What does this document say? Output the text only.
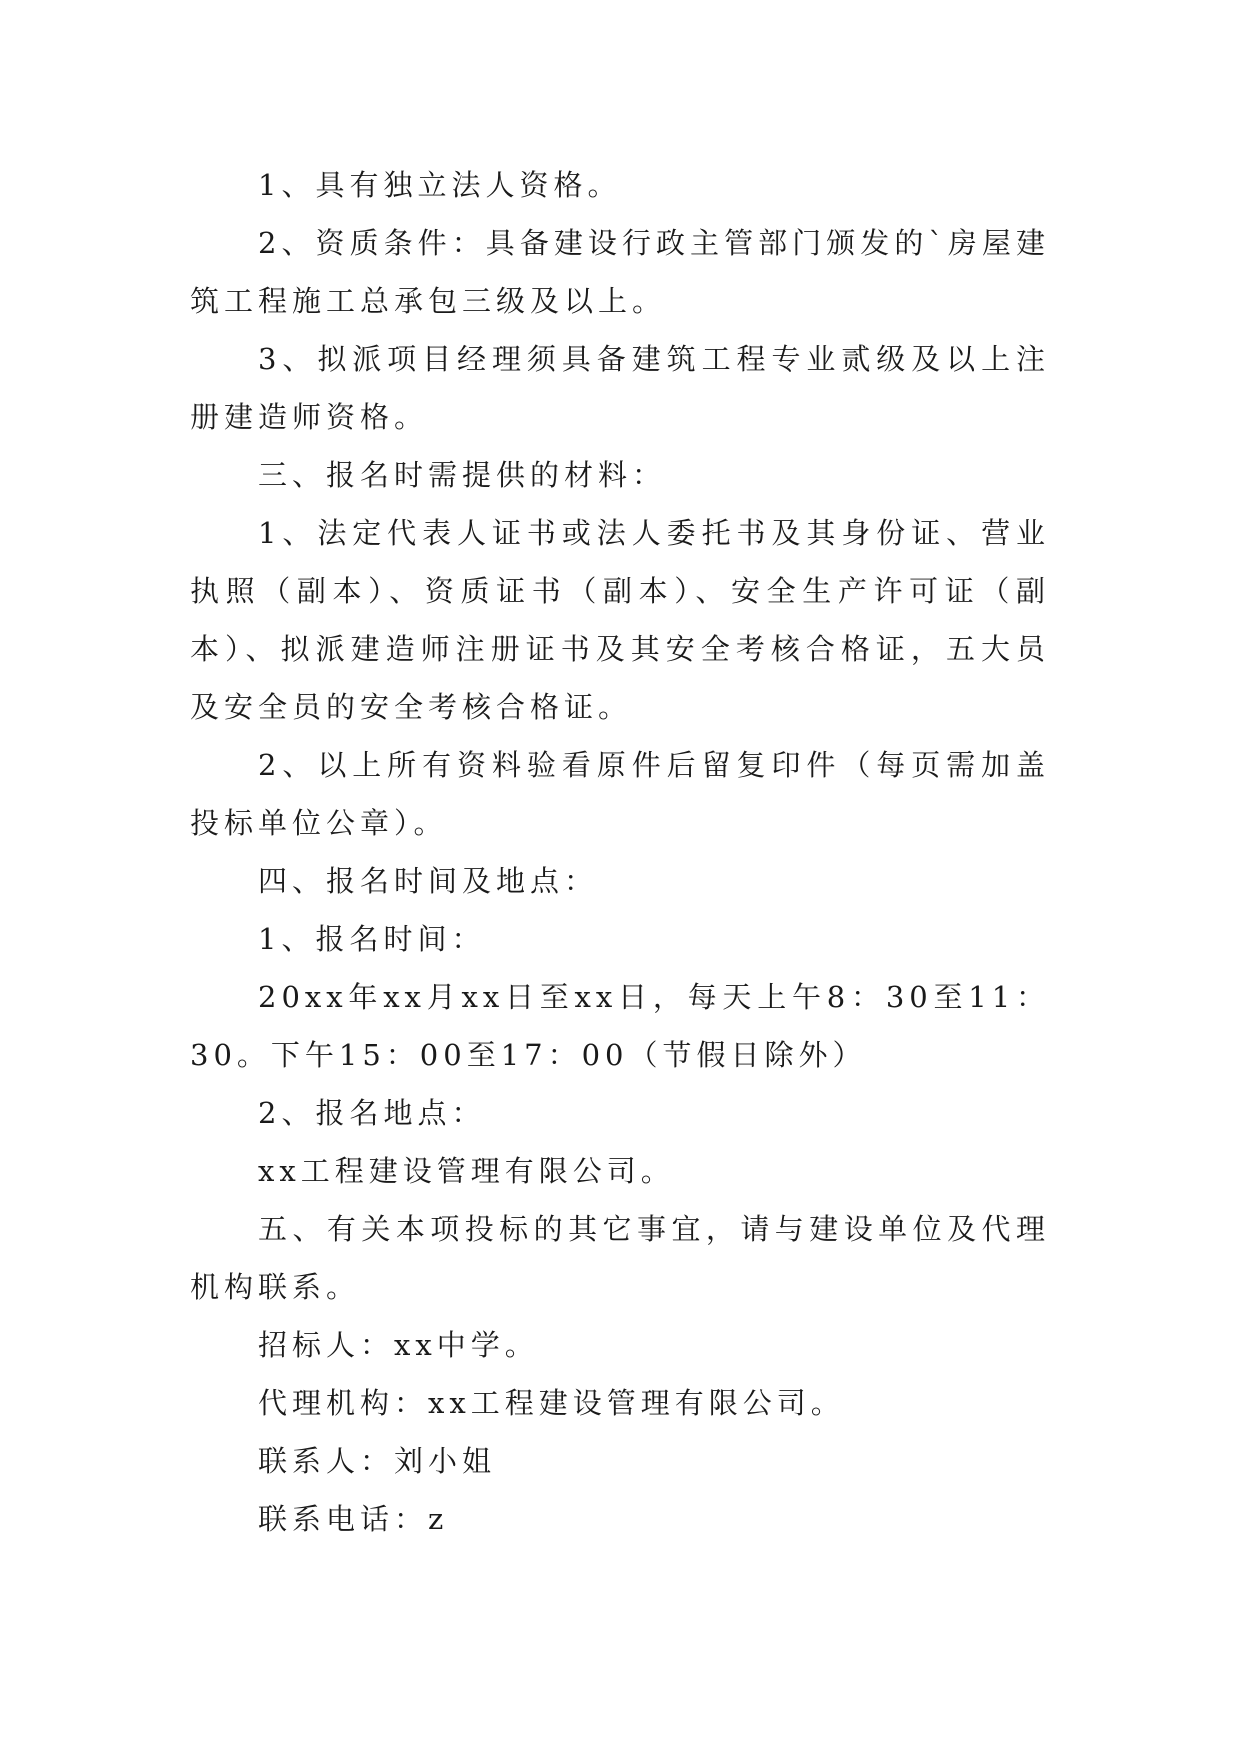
1、具有独立法人资格。

2、资质条件：具备建设行政主管部门颁发的`房屋建筑工程施工总承包三级及以上。

3、拟派项目经理须具备建筑工程专业贰级及以上注册建造师资格。

三、报名时需提供的材料：

1、法定代表人证书或法人委托书及其身份证、营业执照（副本）、资质证书（副本）、安全生产许可证（副本）、拟派建造师注册证书及其安全考核合格证，五大员及安全员的安全考核合格证。

2、以上所有资料验看原件后留复印件（每页需加盖投标单位公章）。

四、报名时间及地点：

1、报名时间：

20xx年xx月xx日至xx日，每天上午8：30至11：30。下午15：00至17：00（节假日除外）

2、报名地点：

xx工程建设管理有限公司。

五、有关本项投标的其它事宜，请与建设单位及代理机构联系。

招标人：xx中学。

代理机构：xx工程建设管理有限公司。

联系人：刘小姐

联系电话：z
